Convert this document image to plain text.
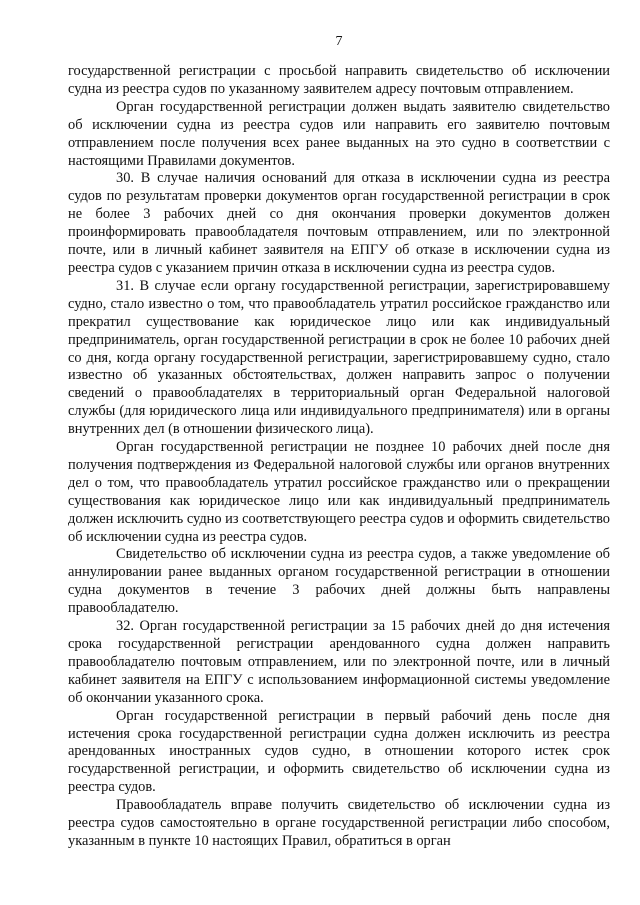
7

государственной регистрации с просьбой направить свидетельство об исключении судна из реестра судов по указанному заявителем адресу почтовым отправлением.

Орган государственной регистрации должен выдать заявителю свидетельство об исключении судна из реестра судов или направить его заявителю почтовым отправлением после получения всех ранее выданных на это судно в соответствии с настоящими Правилами документов.

30. В случае наличия оснований для отказа в исключении судна из реестра судов по результатам проверки документов орган государственной регистрации в срок не более 3 рабочих дней со дня окончания проверки документов должен проинформировать правообладателя почтовым отправлением, или по электронной почте, или в личный кабинет заявителя на ЕПГУ об отказе в исключении судна из реестра судов с указанием причин отказа в исключении судна из реестра судов.

31. В случае если органу государственной регистрации, зарегистрировавшему судно, стало известно о том, что правообладатель утратил российское гражданство или прекратил существование как юридическое лицо или как индивидуальный предприниматель, орган государственной регистрации в срок не более 10 рабочих дней со дня, когда органу государственной регистрации, зарегистрировавшему судно, стало известно об указанных обстоятельствах, должен направить запрос о получении сведений о правообладателях в территориальный орган Федеральной налоговой службы (для юридического лица или индивидуального предпринимателя) или в органы внутренних дел (в отношении физического лица).

Орган государственной регистрации не позднее 10 рабочих дней после дня получения подтверждения из Федеральной налоговой службы или органов внутренних дел о том, что правообладатель утратил российское гражданство или о прекращении существования как юридическое лицо или как индивидуальный предприниматель должен исключить судно из соответствующего реестра судов и оформить свидетельство об исключении судна из реестра судов.

Свидетельство об исключении судна из реестра судов, а также уведомление об аннулировании ранее выданных органом государственной регистрации в отношении судна документов в течение 3 рабочих дней должны быть направлены правообладателю.

32. Орган государственной регистрации за 15 рабочих дней до дня истечения срока государственной регистрации арендованного судна должен направить правообладателю почтовым отправлением, или по электронной почте, или в личный кабинет заявителя на ЕПГУ с использованием информационной системы уведомление об окончании указанного срока.

Орган государственной регистрации в первый рабочий день после дня истечения срока государственной регистрации судна должен исключить из реестра арендованных иностранных судов судно, в отношении которого истек срок государственной регистрации, и оформить свидетельство об исключении судна из реестра судов.

Правообладатель вправе получить свидетельство об исключении судна из реестра судов самостоятельно в органе государственной регистрации либо способом, указанным в пункте 10 настоящих Правил, обратиться в орган
